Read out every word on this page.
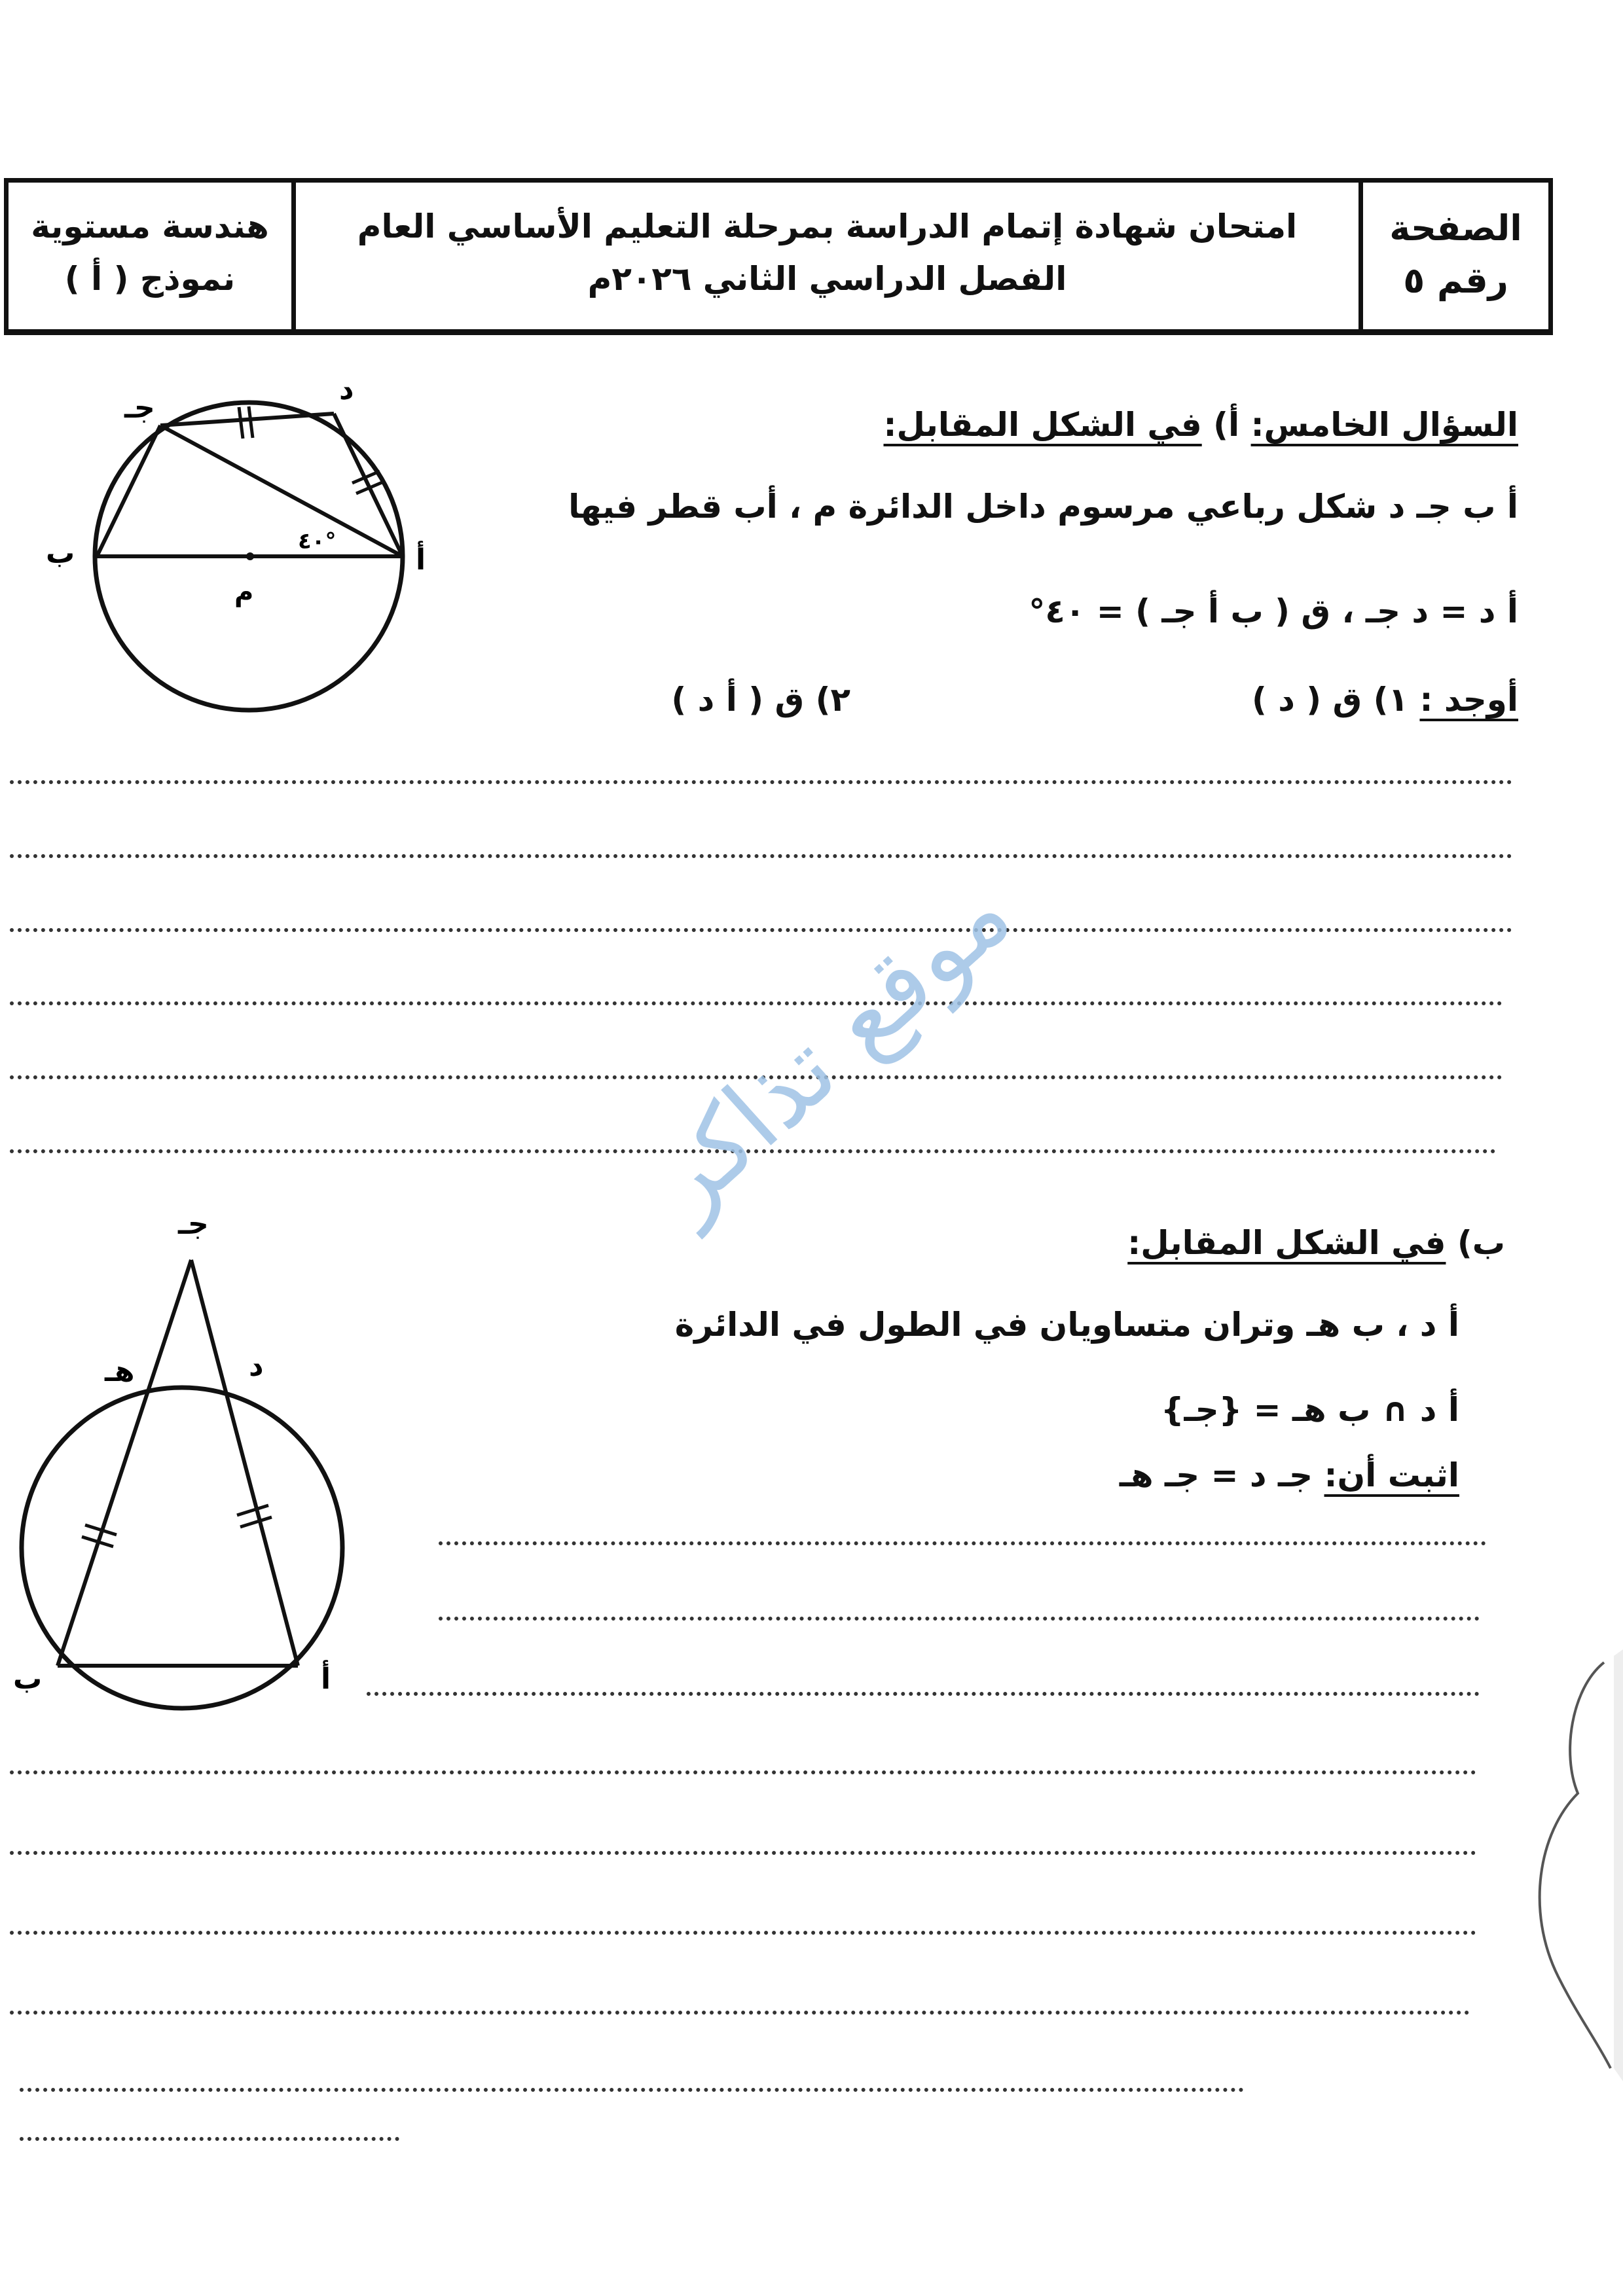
الصفحة
رقم ٥
امتحان شهادة إتمام الدراسة بمرحلة التعليم الأساسي العام
الفصل الدراسي الثاني ٢٠٢٦م
هندسة مستوية
نموذج ( أ )
السؤال الخامس: أ) في الشكل المقابل:
أ ب جـ د شكل رباعي مرسوم داخل الدائرة م ، أب قطر فيها
أ د = د جـ ، ق ( ب أ جـ ) = ٤٠°
أوجد : ١) ق ( د )
٢) ق ( أ د )
جـ
د
ب	أ
م
٤٠°
موقع تذاكر
ب) في الشكل المقابل:
أ د ، ب هـ وتران متساويان في الطول في الدائرة
أ د ∩ ب هـ = {جـ}
اثبت أن: جـ د = جـ هـ
جـ
هـ	د
ب	أ
